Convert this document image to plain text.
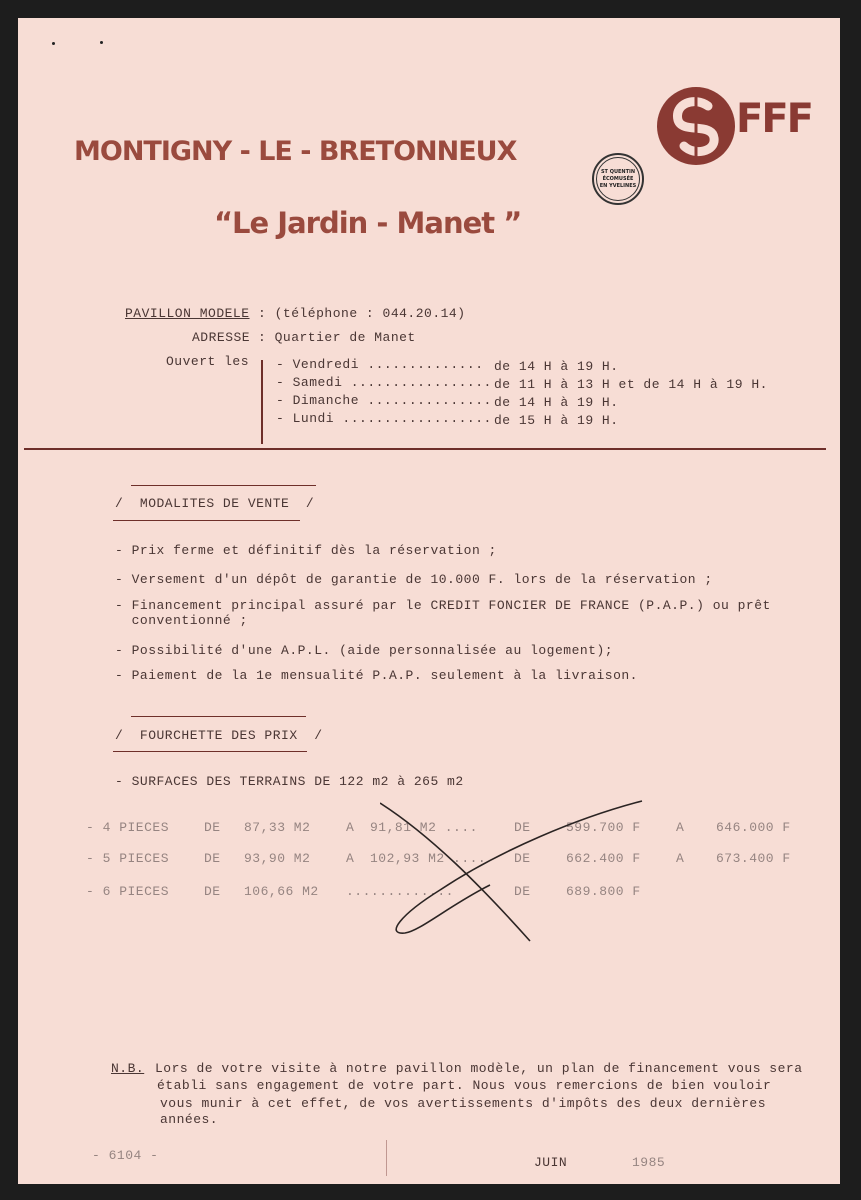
FFF
ST QUENTIN
ÉCOMUSÉE
EN YVELINES
MONTIGNY - LE - BRETONNEUX
“Le Jardin - Manet ”
PAVILLON MODELE : (téléphone : 044.20.14)
ADRESSE : Quartier de Manet
Ouvert les - Vendredi .............. de 14 H à 19 H.
- Samedi ................. de 11 H à 13 H et de 14 H à 19 H.
- Dimanche ............... de 14 H à 19 H.
- Lundi .................. de 15 H à 19 H.
/  MODALITES DE VENTE  /
- Prix ferme et définitif dès la réservation ;
- Versement d'un dépôt de garantie de 10.000 F. lors de la réservation ;
- Financement principal assuré par le CREDIT FONCIER DE FRANCE (P.A.P.) ou prêt
conventionné ;
- Possibilité d'une A.P.L. (aide personnalisée au logement);
- Paiement de la 1e mensualité P.A.P. seulement à la livraison.
/  FOURCHETTE DES PRIX  /
- SURFACES DES TERRAINS DE 122 m2 à 265 m2
- 4 PIECES	DE 87,33 M2	A 91,81 M2 ....	DE	599.700 F	A 646.000 F
- 5 PIECES	DE 93,90 M2	A 102,93 M2 .... DE	662.400 F	A 673.400 F
- 6 PIECES	DE 106,66 M2 .............	DE	689.800 F
N.B. Lors de votre visite à notre pavillon modèle, un plan de financement vous sera
établi sans engagement de votre part. Nous vous remercions de bien vouloir
vous munir à cet effet, de vos avertissements d'impôts des deux dernières
années.
- 6104 -	JUIN	1985
